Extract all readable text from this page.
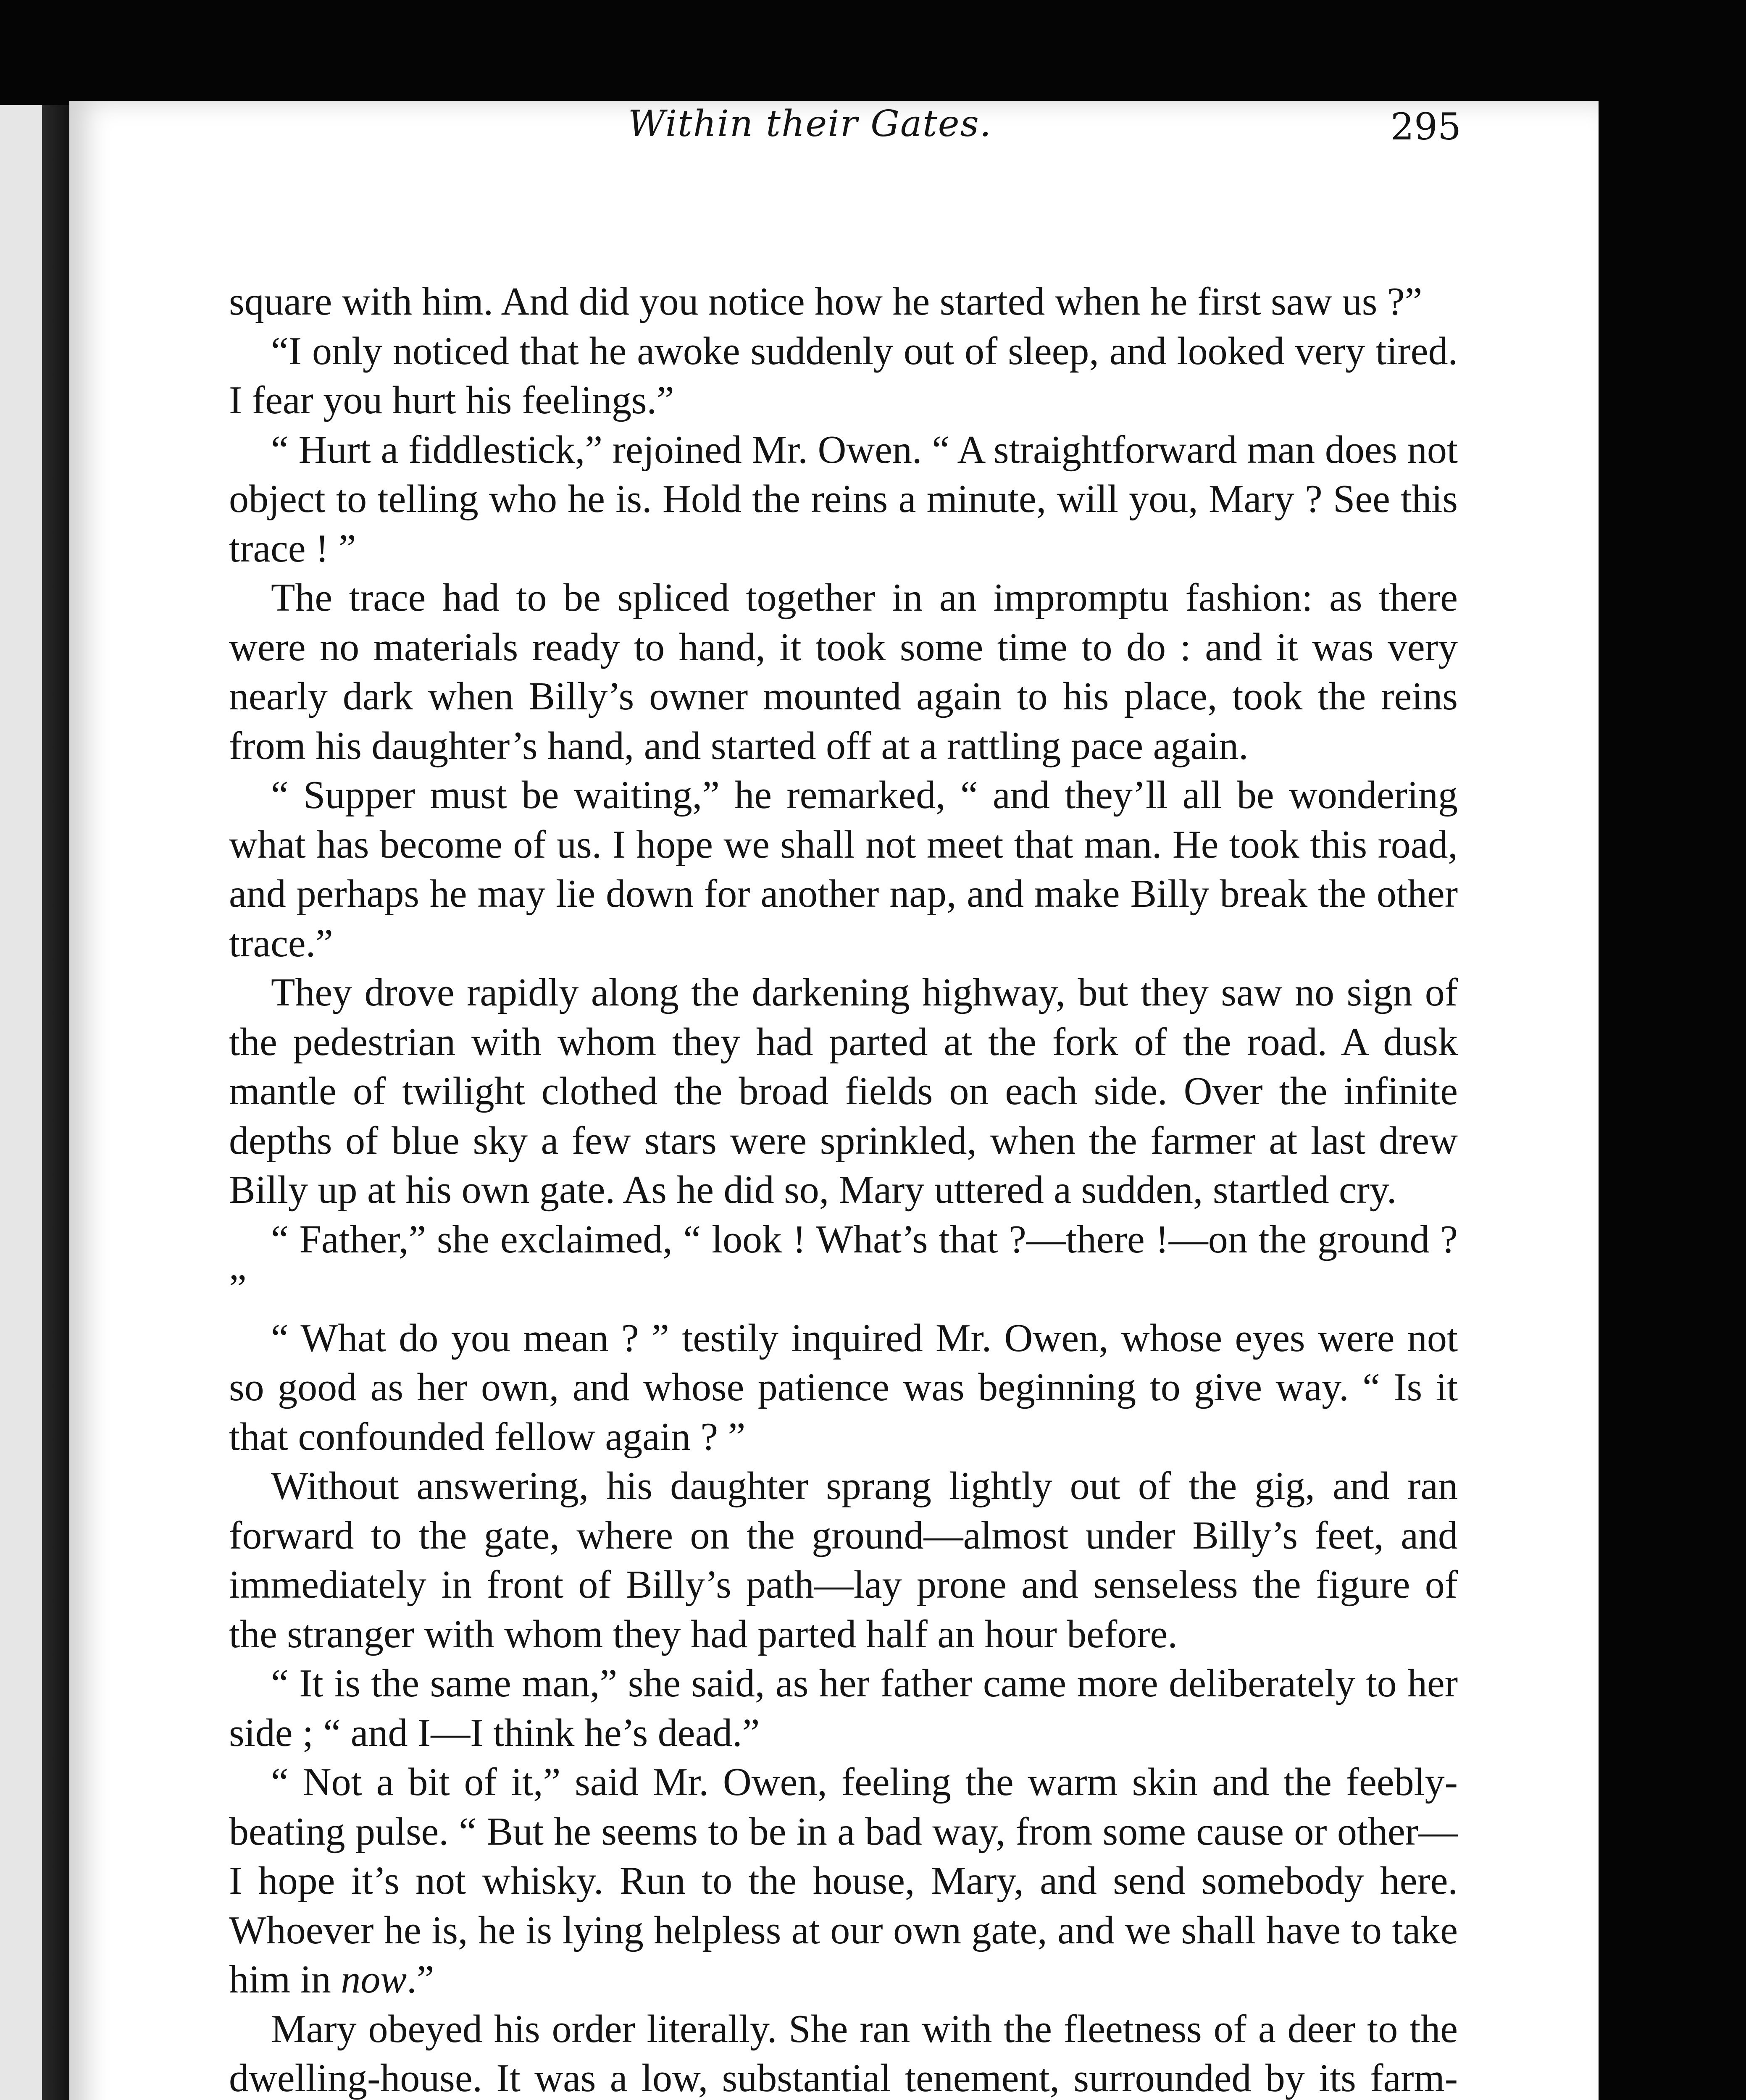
Within their Gates.	295

square with him. And did you notice how he started when he first saw us ?”

“I only noticed that he awoke suddenly out of sleep, and looked very tired. I fear you hurt his feelings.”

“ Hurt a fiddlestick,” rejoined Mr. Owen. “ A straightforward man does not object to telling who he is. Hold the reins a minute, will you, Mary ? See this trace ! ”

The trace had to be spliced together in an impromptu fashion: as there were no materials ready to hand, it took some time to do : and it was very nearly dark when Billy’s owner mounted again to his place, took the reins from his daughter’s hand, and started off at a rattling pace again.

“ Supper must be waiting,” he remarked, “ and they’ll all be wondering what has become of us. I hope we shall not meet that man. He took this road, and perhaps he may lie down for another nap, and make Billy break the other trace.”

They drove rapidly along the darkening highway, but they saw no sign of the pedestrian with whom they had parted at the fork of the road. A dusk mantle of twilight clothed the broad fields on each side. Over the infinite depths of blue sky a few stars were sprinkled, when the farmer at last drew Billy up at his own gate. As he did so, Mary uttered a sudden, startled cry.

“ Father,” she exclaimed, “ look ! What’s that ?—there !—on the ground ? ”

“ What do you mean ? ” testily inquired Mr. Owen, whose eyes were not so good as her own, and whose patience was beginning to give way. “ Is it that confounded fellow again ? ”

Without answering, his daughter sprang lightly out of the gig, and ran forward to the gate, where on the ground—almost under Billy’s feet, and immediately in front of Billy’s path—lay prone and senseless the figure of the stranger with whom they had parted half an hour before.

“ It is the same man,” she said, as her father came more deliberately to her side ; “ and I—I think he’s dead.”

“ Not a bit of it,” said Mr. Owen, feeling the warm skin and the feebly-beating pulse. “ But he seems to be in a bad way, from some cause or other—I hope it’s not whisky. Run to the house, Mary, and send somebody here. Whoever he is, he is lying helpless at our own gate, and we shall have to take him in now.”

Mary obeyed his order literally. She ran with the fleetness of a deer to the dwelling-house. It was a low, substantial tenement, surrounded by its farm-
